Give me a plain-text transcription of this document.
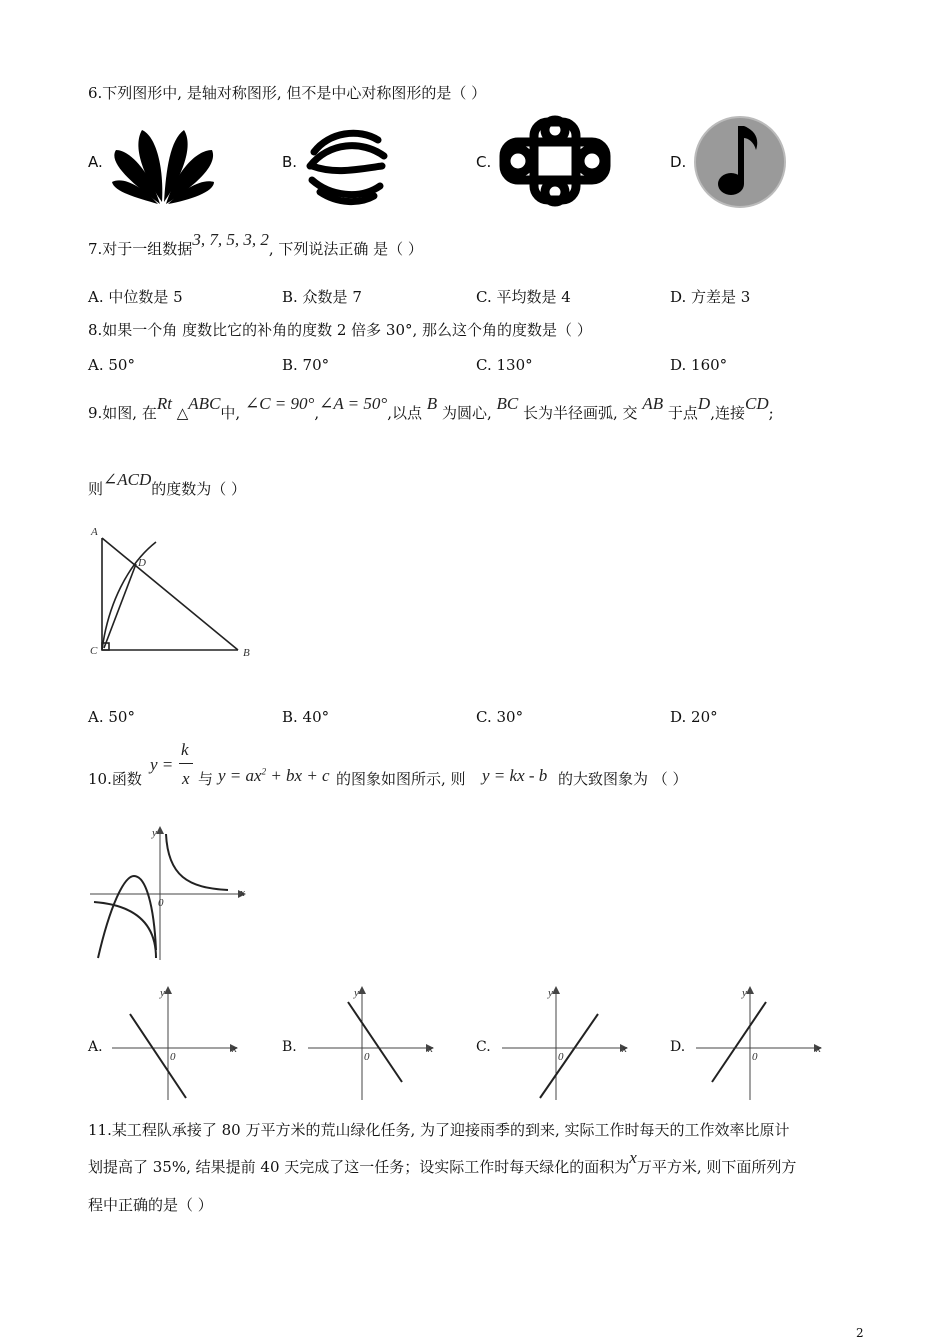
6.下列图形中, 是轴对称图形, 但不是中心对称图形的是（ ）
A.	B.	C.	D.
7.对于一组数据3, 7, 5, 3, 2, 下列说法正确 是（ ）
A. 中位数是 5	B. 众数是 7	C. 平均数是 4	D. 方差是 3
8.如果一个角 度数比它的补角的度数 2 倍多 30°, 那么这个角的度数是（ ）
A. 50°	B. 70°	C. 130°	D. 160°
9.如图, 在Rt △ABC中, ∠C = 90°,∠A = 50°,以点 B 为圆心, BC 长为半径画弧, 交 AB 于点D,连接CD;
则∠ACD的度数为（ ）
A
D
C	B
A. 50°	B. 40°	C. 30°	D. 20°
10.函数
y =
k
x 与 $y = ax^2$ + bx + c 的图象如图所示, 则 y = kx - b 的大致图象为 （ ）
x
y
0
A.	x
y
0
B.	x
y
0
C.	x
y
0
D.	x
y
0
11.某工程队承接了 80 万平方米的荒山绿化任务, 为了迎接雨季的到来, 实际工作时每天的工作效率比原计
划提高了 35%, 结果提前 40 天完成了这一任务；设实际工作时每天绿化的面积为x万平方米, 则下面所列方
程中正确的是（ ）
2
